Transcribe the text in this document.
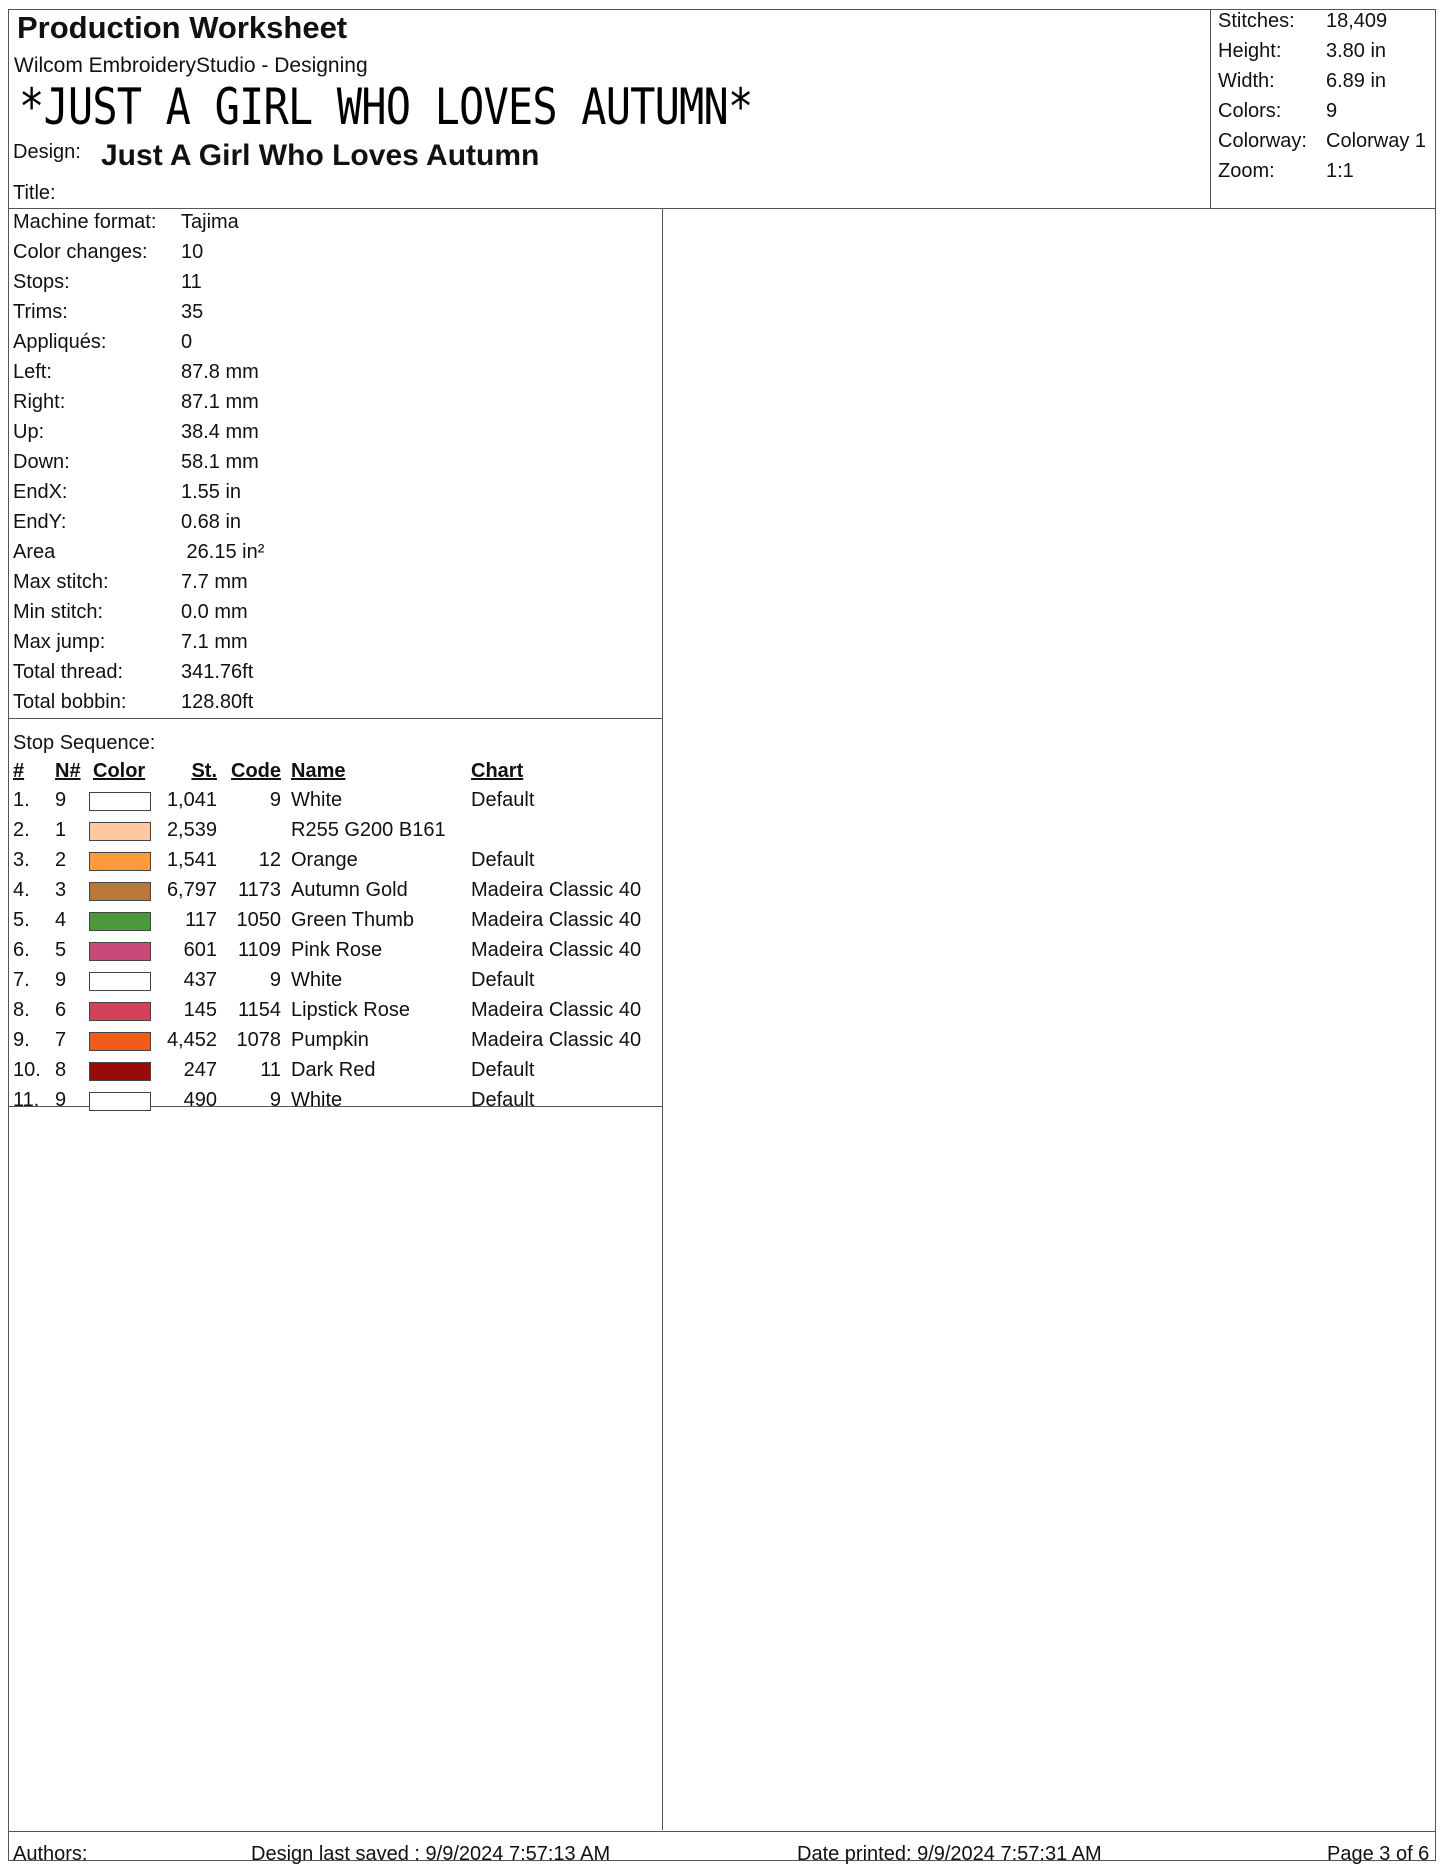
Production Worksheet
Wilcom EmbroideryStudio - Designing
*JUST A GIRL WHO LOVES AUTUMN*
Design: Just A Girl Who Loves Autumn
Title:
Stitches: 18,409
Height: 3.80 in
Width:	6.89 in
Colors: 9
Colorway: Colorway 1
Zoom:	1:1
Machine format: Tajima
Color changes: 10
Stops:	11
Trims:	35
Appliqués:	0
Left:	87.8 mm
Right:	87.1 mm
Up:	38.4 mm
Down:	58.1 mm
EndX:	1.55 in
EndY:	0.68 in
Area	26.15 in²
Max stitch:	7.7 mm
Min stitch:	0.0 mm
Max jump:	7.1 mm
Total thread:	341.76ft
Total bobbin:	128.80ft
Stop Sequence:
# N# Color	St. Code Name	Chart
1. 9	1,041	9 White	Default
2. 1	2,539	R255 G200 B161
3. 2	1,541	12 Orange	Default
4. 3	6,797	1173 Autumn Gold	Madeira Classic 40
5. 4	117 1050 Green Thumb	Madeira Classic 40
6. 5	601	1109 Pink Rose	Madeira Classic 40
7. 9	437	9 White	Default
8. 6	145	1154 Lipstick Rose	Madeira Classic 40
9. 7	4,452 1078 Pumpkin	Madeira Classic 40
10. 8	247	11 Dark Red	Default
11. 9	490	9 White	Default
Authors:	Design last saved : 9/9/2024 7:57:13 AM	Date printed: 9/9/2024 7:57:31 AM	Page 3 of 6
